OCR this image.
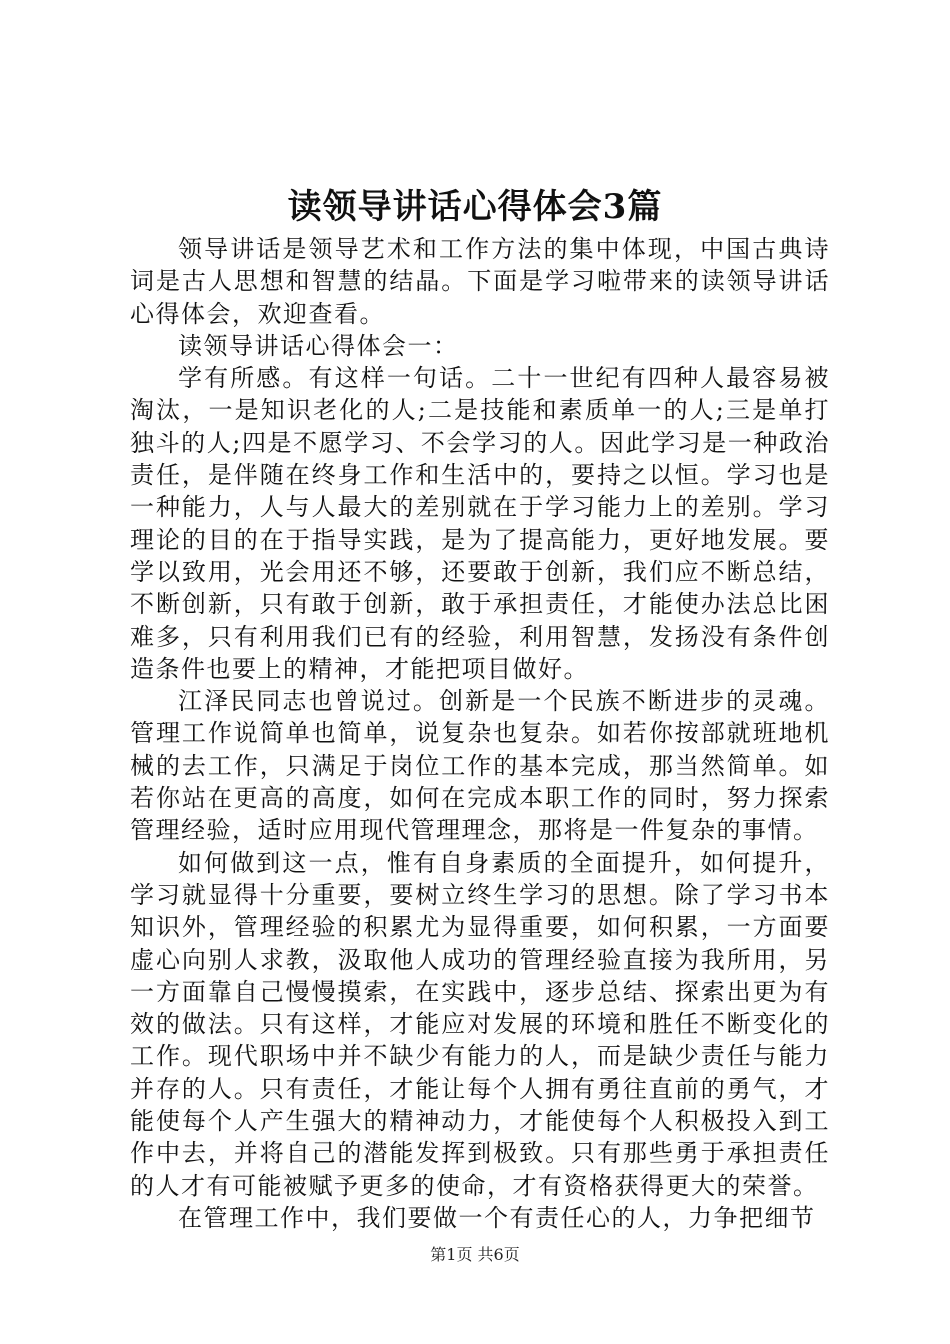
读领导讲话心得体会3篇

领导讲话是领导艺术和工作方法的集中体现，中国古典诗词是古人思想和智慧的结晶。下面是学习啦带来的读领导讲话心得体会，欢迎查看。

读领导讲话心得体会一：

学有所感。有这样一句话。二十一世纪有四种人最容易被淘汰，一是知识老化的人;二是技能和素质单一的人;三是单打独斗的人;四是不愿学习、不会学习的人。因此学习是一种政治责任，是伴随在终身工作和生活中的，要持之以恒。学习也是一种能力，人与人最大的差别就在于学习能力上的差别。学习理论的目的在于指导实践，是为了提高能力，更好地发展。要学以致用，光会用还不够，还要敢于创新，我们应不断总结，不断创新，只有敢于创新，敢于承担责任，才能使办法总比困难多，只有利用我们已有的经验，利用智慧，发扬没有条件创造条件也要上的精神，才能把项目做好。

江泽民同志也曾说过。创新是一个民族不断进步的灵魂。管理工作说简单也简单，说复杂也复杂。如若你按部就班地机械的去工作，只满足于岗位工作的基本完成，那当然简单。如若你站在更高的高度，如何在完成本职工作的同时，努力探索管理经验，适时应用现代管理理念，那将是一件复杂的事情。

如何做到这一点，惟有自身素质的全面提升，如何提升，学习就显得十分重要，要树立终生学习的思想。除了学习书本知识外，管理经验的积累尤为显得重要，如何积累，一方面要虚心向别人求教，汲取他人成功的管理经验直接为我所用，另一方面靠自己慢慢摸索，在实践中，逐步总结、探索出更为有效的做法。只有这样，才能应对发展的环境和胜任不断变化的工作。现代职场中并不缺少有能力的人，而是缺少责任与能力并存的人。只有责任，才能让每个人拥有勇往直前的勇气，才能使每个人产生强大的精神动力，才能使每个人积极投入到工作中去，并将自己的潜能发挥到极致。只有那些勇于承担责任的人才有可能被赋予更多的使命，才有资格获得更大的荣誉。

在管理工作中，我们要做一个有责任心的人，力争把细节

第1页 共6页
